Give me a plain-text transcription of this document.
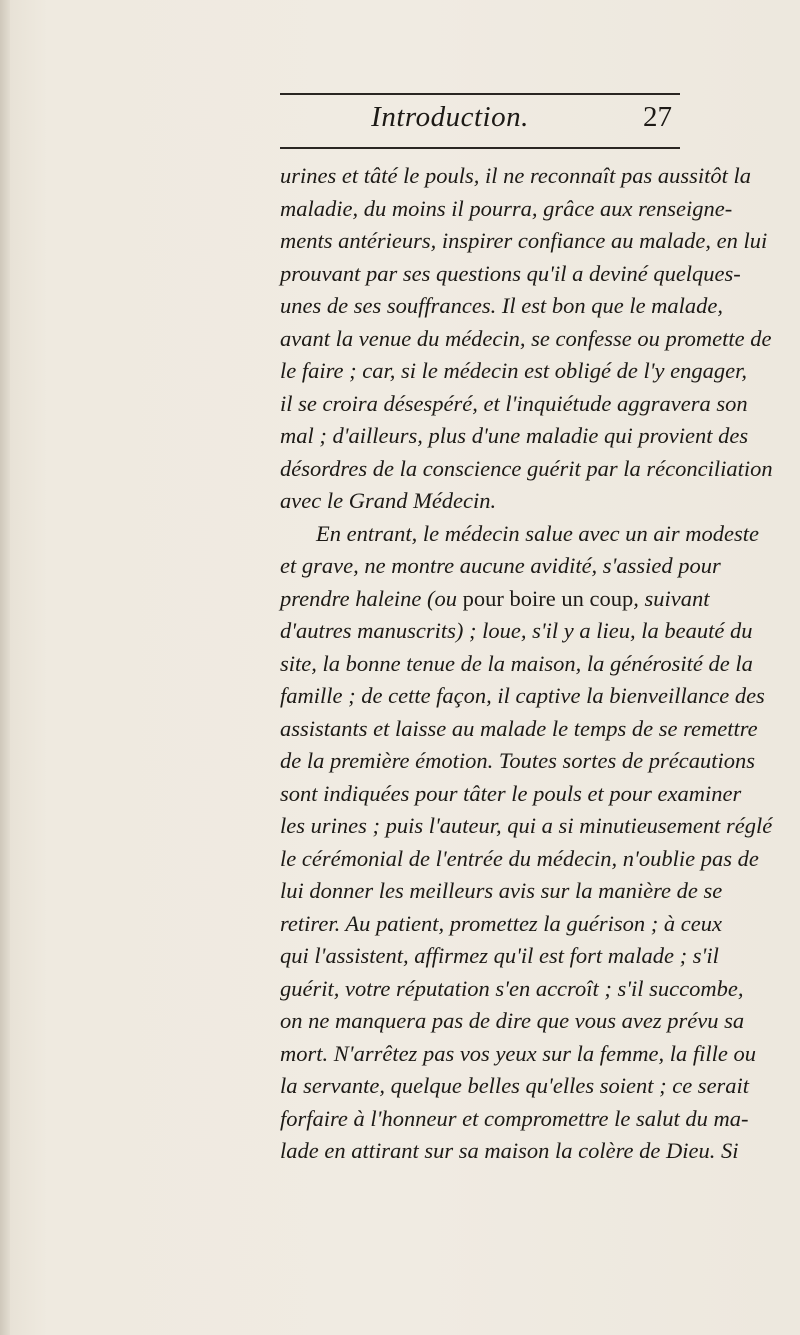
Introduction.	27
urines et tâté le pouls, il ne reconnaît pas aussitôt la
maladie, du moins il pourra, grâce aux renseigne-
ments antérieurs, inspirer confiance au malade, en lui
prouvant par ses questions qu'il a deviné quelques-
unes de ses souffrances. Il est bon que le malade,
avant la venue du médecin, se confesse ou promette de
le faire ; car, si le médecin est obligé de l'y engager,
il se croira désespéré, et l'inquiétude aggravera son
mal ; d'ailleurs, plus d'une maladie qui provient des
désordres de la conscience guérit par la réconciliation
avec le Grand Médecin.
En entrant, le médecin salue avec un air modeste
et grave, ne montre aucune avidité, s'assied pour
prendre haleine (ou pour boire un coup, suivant
d'autres manuscrits) ; loue, s'il y a lieu, la beauté du
site, la bonne tenue de la maison, la générosité de la
famille ; de cette façon, il captive la bienveillance des
assistants et laisse au malade le temps de se remettre
de la première émotion. Toutes sortes de précautions
sont indiquées pour tâter le pouls et pour examiner
les urines ; puis l'auteur, qui a si minutieusement réglé
le cérémonial de l'entrée du médecin, n'oublie pas de
lui donner les meilleurs avis sur la manière de se
retirer. Au patient, promettez la guérison ; à ceux
qui l'assistent, affirmez qu'il est fort malade ; s'il
guérit, votre réputation s'en accroît ; s'il succombe,
on ne manquera pas de dire que vous avez prévu sa
mort. N'arrêtez pas vos yeux sur la femme, la fille ou
la servante, quelque belles qu'elles soient ; ce serait
forfaire à l'honneur et compromettre le salut du ma-
lade en attirant sur sa maison la colère de Dieu. Si
